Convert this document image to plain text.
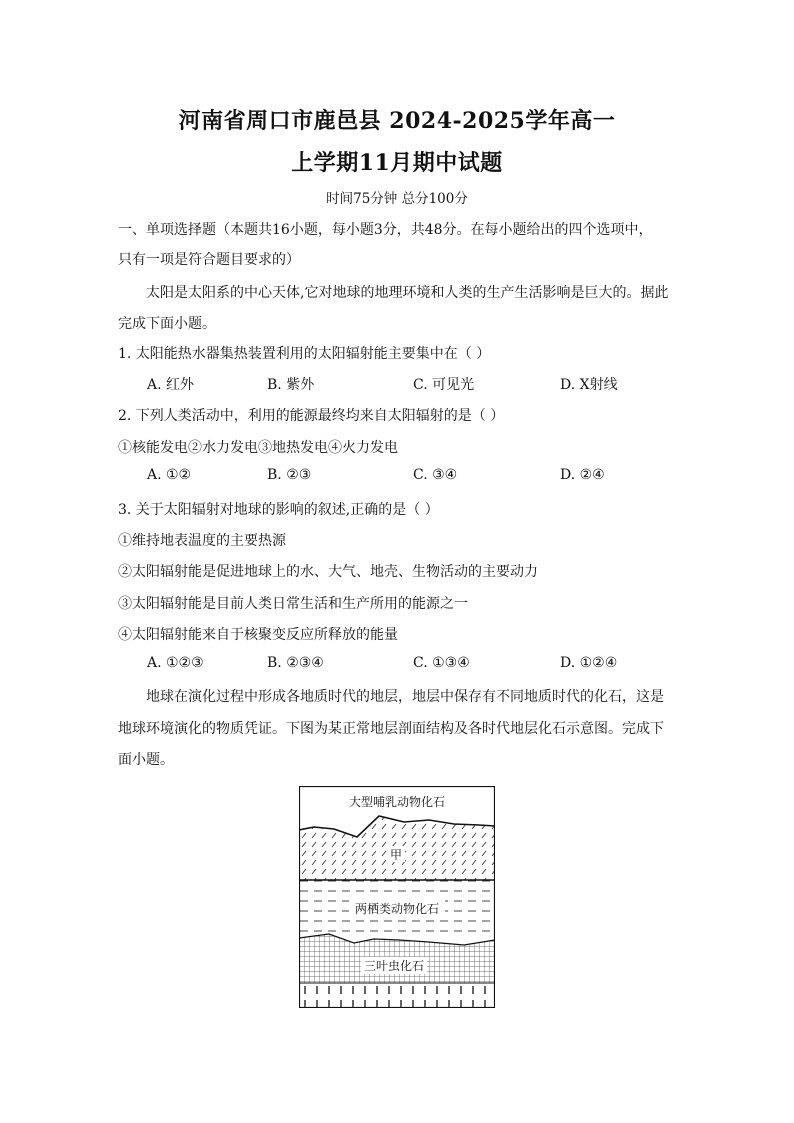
河南省周口市鹿邑县 2024-2025学年高一
上学期11月期中试题
时间75分钟 总分100分
一、单项选择题（本题共16小题，每小题3分，共48分。在每小题给出的四个选项中，
只有一项是符合题目要求的）
太阳是太阳系的中心天体,它对地球的地理环境和人类的生产生活影响是巨大的。据此
完成下面小题。
1. 太阳能热水器集热装置利用的太阳辐射能主要集中在（ ）
A. 红外	B. 紫外	C. 可见光	D. X射线
2. 下列人类活动中，利用的能源最终均来自太阳辐射的是（ ）
①核能发电②水力发电③地热发电④火力发电
A. ①②	B. ②③	C. ③④	D. ②④
3. 关于太阳辐射对地球的影响的叙述,正确的是（ ）
①维持地表温度的主要热源
②太阳辐射能是促进地球上的水、大气、地壳、生物活动的主要动力
③太阳辐射能是目前人类日常生活和生产所用的能源之一
④太阳辐射能来自于核聚变反应所释放的能量
A. ①②③	B. ②③④	C. ①③④	D. ①②④
地球在演化过程中形成各地质时代的地层，地层中保存有不同地质时代的化石，这是
地球环境演化的物质凭证。下图为某正常地层剖面结构及各时代地层化石示意图。完成下
面小题。
大型哺乳动物化石
甲
两栖类动物化石
三叶虫化石
